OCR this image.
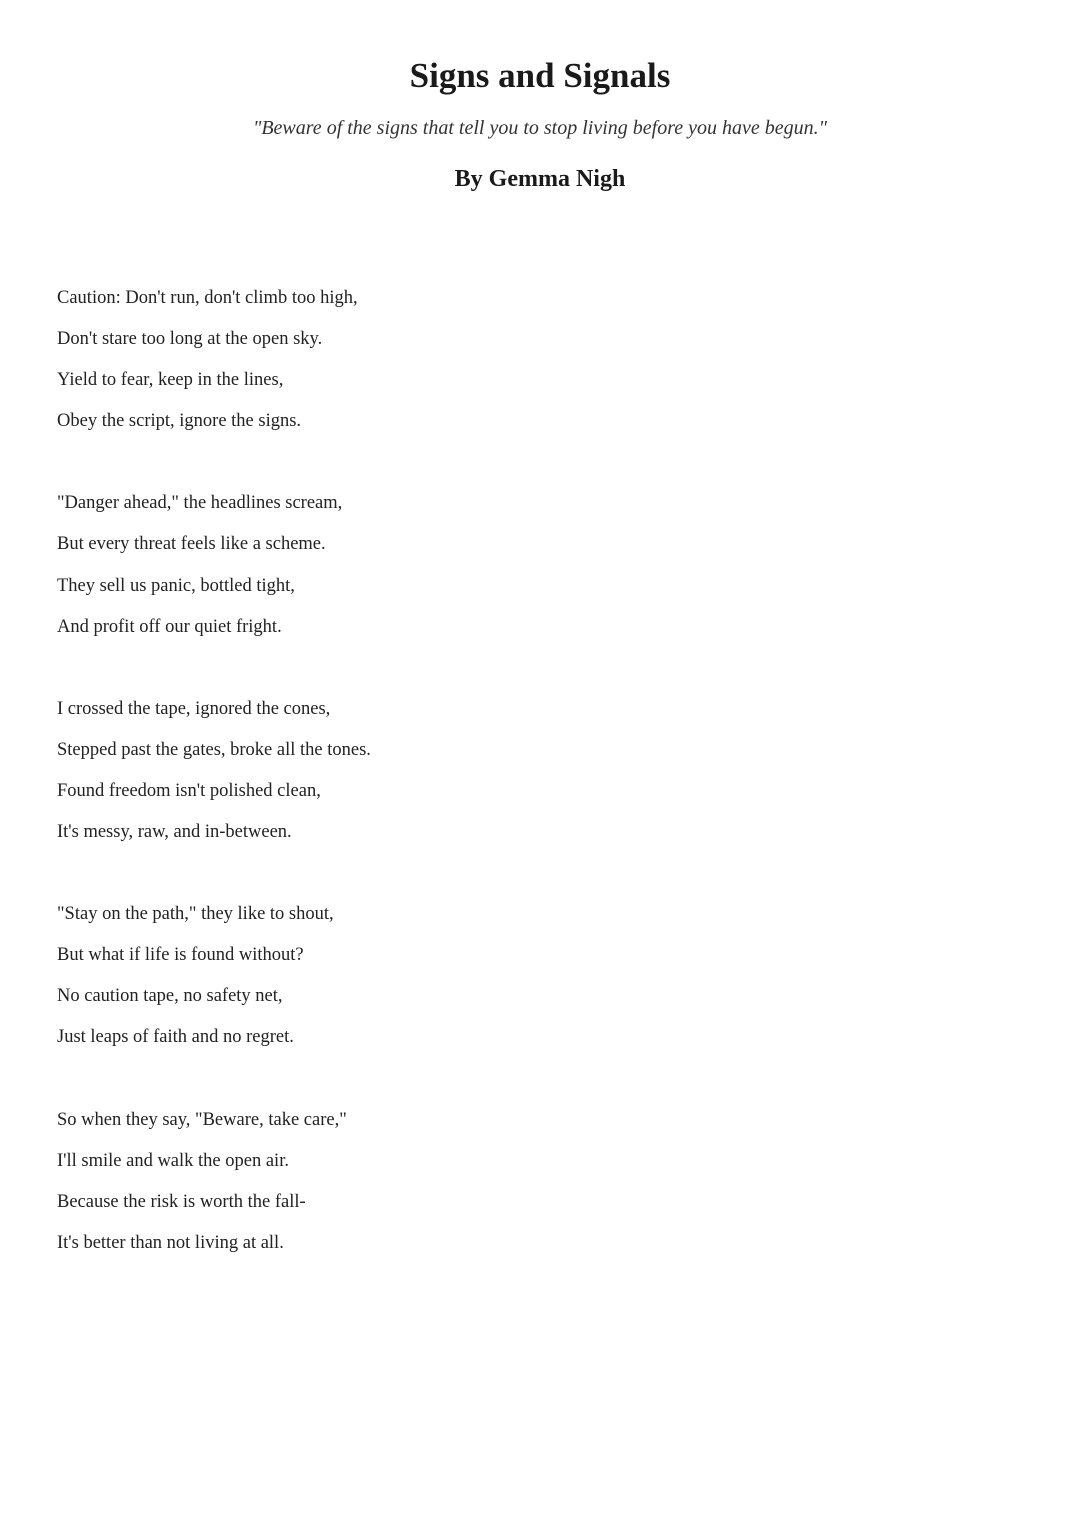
Signs and Signals

"Beware of the signs that tell you to stop living before you have begun."

By Gemma Nigh

Caution: Don't run, don't climb too high,
Don't stare too long at the open sky.
Yield to fear, keep in the lines,
Obey the script, ignore the signs.
"Danger ahead," the headlines scream,
But every threat feels like a scheme.
They sell us panic, bottled tight,
And profit off our quiet fright.
I crossed the tape, ignored the cones,
Stepped past the gates, broke all the tones.
Found freedom isn't polished clean,
It's messy, raw, and in-between.
"Stay on the path," they like to shout,
But what if life is found without?
No caution tape, no safety net,
Just leaps of faith and no regret.
So when they say, "Beware, take care,"
I'll smile and walk the open air.
Because the risk is worth the fall-
It's better than not living at all.
